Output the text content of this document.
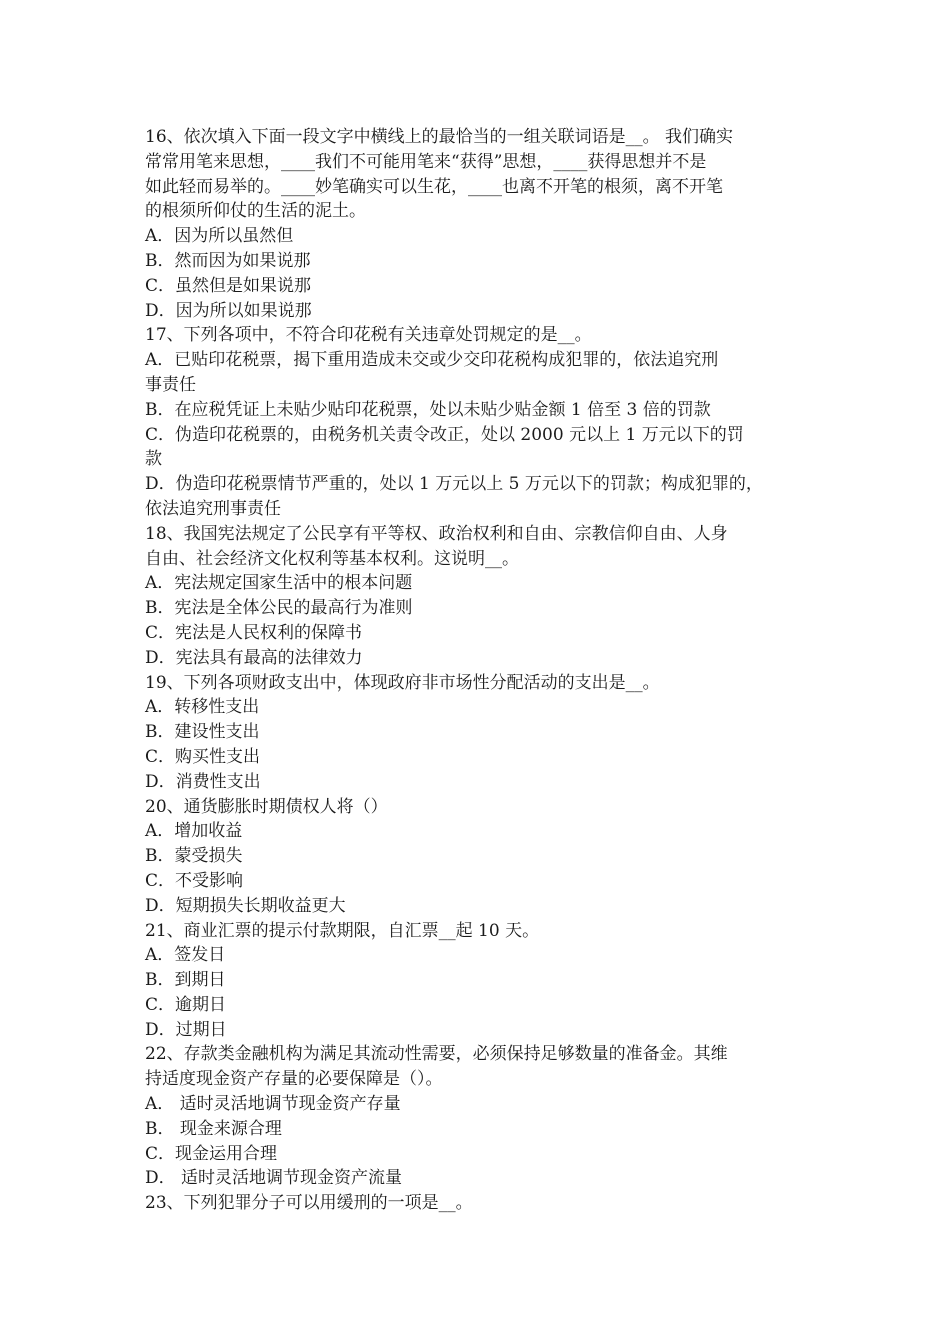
16、依次填入下面一段文字中横线上的最恰当的一组关联词语是__。 我们确实
常常用笔来思想，____我们不可能用笔来“获得”思想，____获得思想并不是
如此轻而易举的。____妙笔确实可以生花，____也离不开笔的根须，离不开笔
的根须所仰仗的生活的泥土。
A．因为所以虽然但
B．然而因为如果说那
C．虽然但是如果说那
D．因为所以如果说那
17、下列各项中，不符合印花税有关违章处罚规定的是__。
A．已贴印花税票，揭下重用造成未交或少交印花税构成犯罪的，依法追究刑
事责任
B．在应税凭证上未贴少贴印花税票，处以未贴少贴金额 1 倍至 3 倍的罚款
C．伪造印花税票的，由税务机关责令改正，处以 2000 元以上 1 万元以下的罚
款
D．伪造印花税票情节严重的，处以 1 万元以上 5 万元以下的罚款；构成犯罪的，
依法追究刑事责任
18、我国宪法规定了公民享有平等权、政治权利和自由、宗教信仰自由、人身
自由、社会经济文化权利等基本权利。这说明__。
A．宪法规定国家生活中的根本问题
B．宪法是全体公民的最高行为准则
C．宪法是人民权利的保障书
D．宪法具有最高的法律效力
19、下列各项财政支出中，体现政府非市场性分配活动的支出是__。
A．转移性支出
B．建设性支出
C．购买性支出
D．消费性支出
20、通货膨胀时期债权人将（）
A．增加收益
B．蒙受损失
C．不受影响
D．短期损失长期收益更大
21、商业汇票的提示付款期限，自汇票__起 10 天。
A．签发日
B．到期日
C．逾期日
D．过期日
22、存款类金融机构为满足其流动性需要，必须保持足够数量的准备金。其维
持适度现金资产存量的必要保障是（）。
A． 适时灵活地调节现金资产存量
B． 现金来源合理
C．现金运用合理
D． 适时灵活地调节现金资产流量
23、下列犯罪分子可以用缓刑的一项是__。
